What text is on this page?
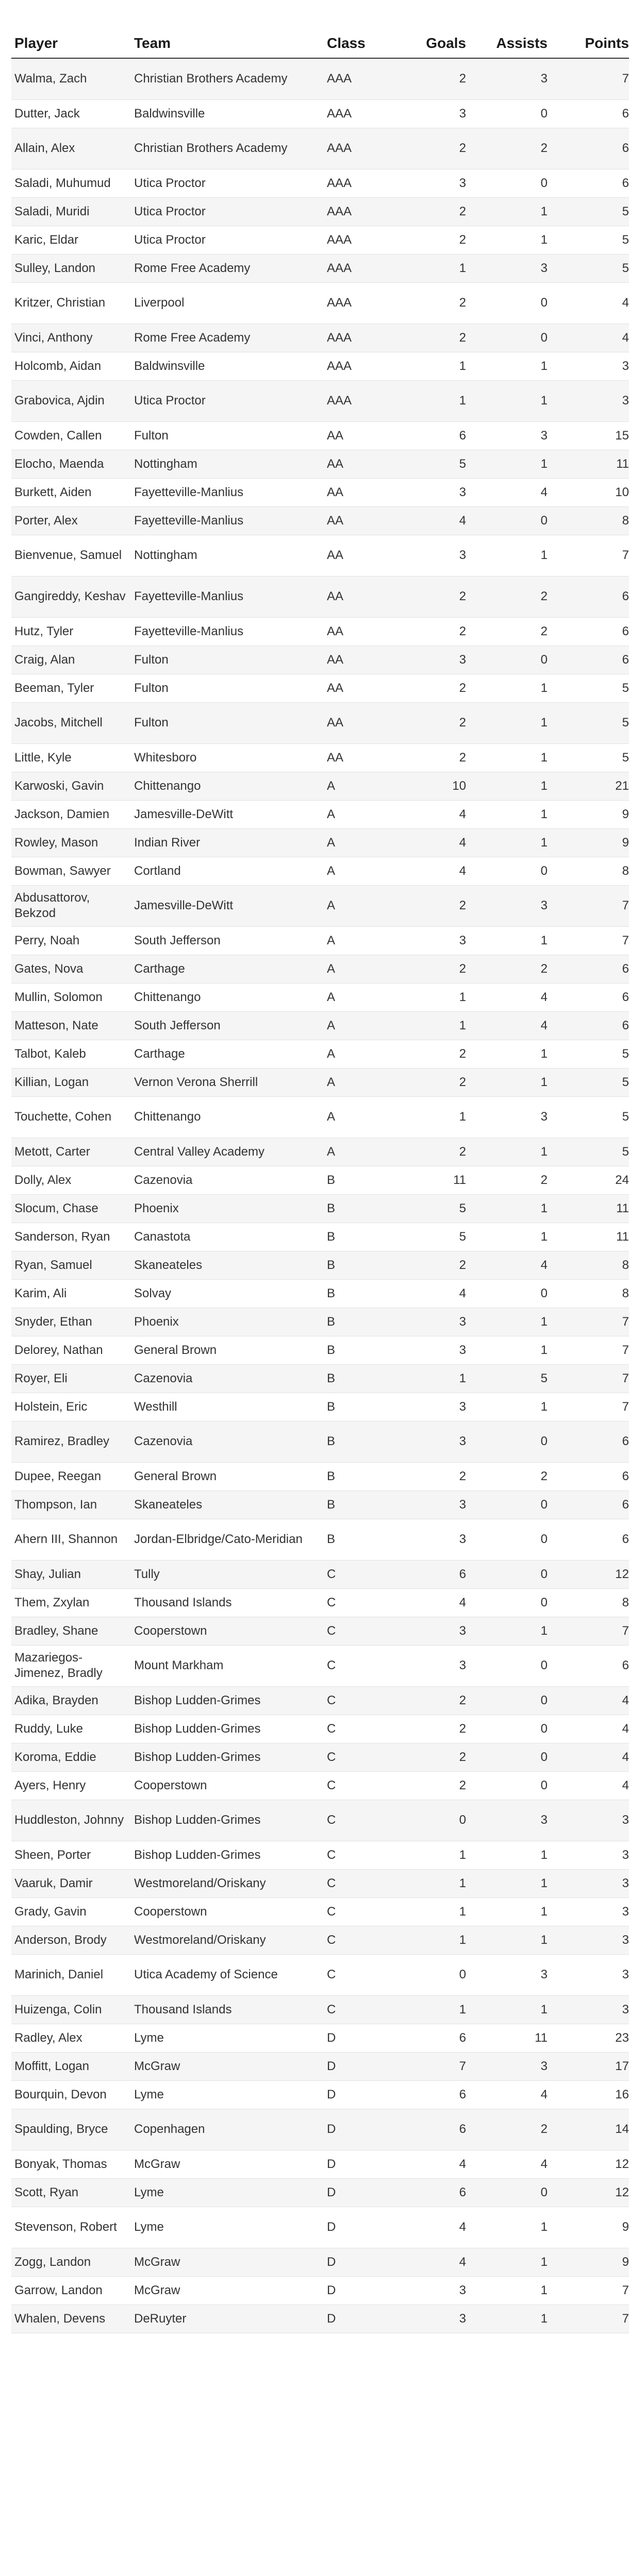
Player	Team	Class	Goals	Assists	Points
Walma, Zach	Christian Brothers Academy	AAA	2	3	7
Dutter, Jack	Baldwinsville	AAA	3	0	6
Allain, Alex	Christian Brothers Academy	AAA	2	2	6
Saladi, Muhumud	Utica Proctor	AAA	3	0	6
Saladi, Muridi	Utica Proctor	AAA	2	1	5
Karic, Eldar	Utica Proctor	AAA	2	1	5
Sulley, Landon	Rome Free Academy	AAA	1	3	5
Kritzer, Christian	Liverpool	AAA	2	0	4
Vinci, Anthony	Rome Free Academy	AAA	2	0	4
Holcomb, Aidan	Baldwinsville	AAA	1	1	3
Grabovica, Ajdin	Utica Proctor	AAA	1	1	3
Cowden, Callen	Fulton	AA	6	3	15
Elocho, Maenda	Nottingham	AA	5	1	11
Burkett, Aiden	Fayetteville-Manlius	AA	3	4	10
Porter, Alex	Fayetteville-Manlius	AA	4	0	8
Bienvenue, Samuel	Nottingham	AA	3	1	7
Gangireddy, Keshav	Fayetteville-Manlius	AA	2	2	6
Hutz, Tyler	Fayetteville-Manlius	AA	2	2	6
Craig, Alan	Fulton	AA	3	0	6
Beeman, Tyler	Fulton	AA	2	1	5
Jacobs, Mitchell	Fulton	AA	2	1	5
Little, Kyle	Whitesboro	AA	2	1	5
Karwoski, Gavin	Chittenango	A	10	1	21
Jackson, Damien	Jamesville-DeWitt	A	4	1	9
Rowley, Mason	Indian River	A	4	1	9
Bowman, Sawyer	Cortland	A	4	0	8
Abdusattorov, Bekzod	Jamesville-DeWitt	A	2	3	7
Perry, Noah	South Jefferson	A	3	1	7
Gates, Nova	Carthage	A	2	2	6
Mullin, Solomon	Chittenango	A	1	4	6
Matteson, Nate	South Jefferson	A	1	4	6
Talbot, Kaleb	Carthage	A	2	1	5
Killian, Logan	Vernon Verona Sherrill	A	2	1	5
Touchette, Cohen	Chittenango	A	1	3	5
Metott, Carter	Central Valley Academy	A	2	1	5
Dolly, Alex	Cazenovia	B	11	2	24
Slocum, Chase	Phoenix	B	5	1	11
Sanderson, Ryan	Canastota	B	5	1	11
Ryan, Samuel	Skaneateles	B	2	4	8
Karim, Ali	Solvay	B	4	0	8
Snyder, Ethan	Phoenix	B	3	1	7
Delorey, Nathan	General Brown	B	3	1	7
Royer, Eli	Cazenovia	B	1	5	7
Holstein, Eric	Westhill	B	3	1	7
Ramirez, Bradley	Cazenovia	B	3	0	6
Dupee, Reegan	General Brown	B	2	2	6
Thompson, Ian	Skaneateles	B	3	0	6
Ahern III, Shannon	Jordan-Elbridge/Cato-Meridian	B	3	0	6
Shay, Julian	Tully	C	6	0	12
Them, Zxylan	Thousand Islands	C	4	0	8
Bradley, Shane	Cooperstown	C	3	1	7
Mazariegos-Jimenez, Bradly	Mount Markham	C	3	0	6
Adika, Brayden	Bishop Ludden-Grimes	C	2	0	4
Ruddy, Luke	Bishop Ludden-Grimes	C	2	0	4
Koroma, Eddie	Bishop Ludden-Grimes	C	2	0	4
Ayers, Henry	Cooperstown	C	2	0	4
Huddleston, Johnny	Bishop Ludden-Grimes	C	0	3	3
Sheen, Porter	Bishop Ludden-Grimes	C	1	1	3
Vaaruk, Damir	Westmoreland/Oriskany	C	1	1	3
Grady, Gavin	Cooperstown	C	1	1	3
Anderson, Brody	Westmoreland/Oriskany	C	1	1	3
Marinich, Daniel	Utica Academy of Science	C	0	3	3
Huizenga, Colin	Thousand Islands	C	1	1	3
Radley, Alex	Lyme	D	6	11	23
Moffitt, Logan	McGraw	D	7	3	17
Bourquin, Devon	Lyme	D	6	4	16
Spaulding, Bryce	Copenhagen	D	6	2	14
Bonyak, Thomas	McGraw	D	4	4	12
Scott, Ryan	Lyme	D	6	0	12
Stevenson, Robert	Lyme	D	4	1	9
Zogg, Landon	McGraw	D	4	1	9
Garrow, Landon	McGraw	D	3	1	7
Whalen, Devens	DeRuyter	D	3	1	7
